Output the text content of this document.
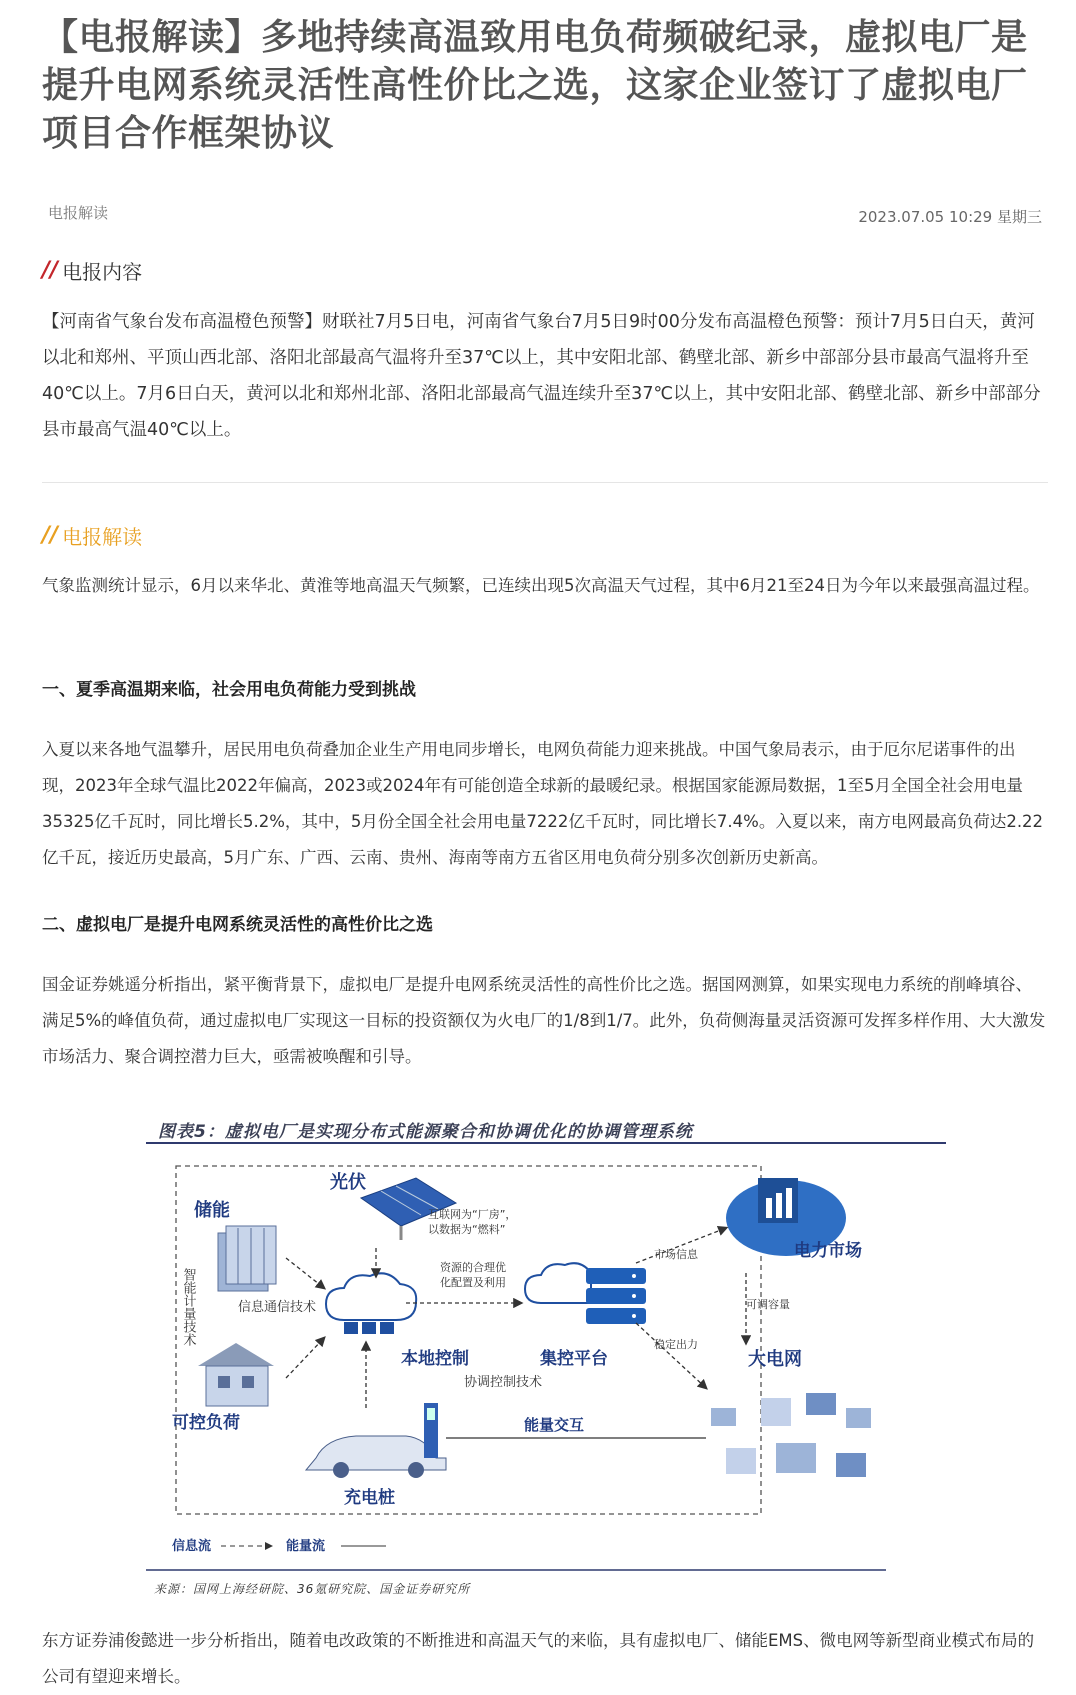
【电报解读】多地持续高温致用电负荷频破纪录，虚拟电厂是提升电网系统灵活性高性价比之选，这家企业签订了虚拟电厂项目合作框架协议
电报解读	2023.07.05 10:29 星期三
// 电报内容

【河南省气象台发布高温橙色预警】财联社7月5日电，河南省气象台7月5日9时00分发布高温橙色预警：预计7月5日白天，黄河以北和郑州、平顶山西北部、洛阳北部最高气温将升至37℃以上，其中安阳北部、鹤壁北部、新乡中部部分县市最高气温将升至40℃以上。7月6日白天，黄河以北和郑州北部、洛阳北部最高气温连续升至37℃以上，其中安阳北部、鹤壁北部、新乡中部部分县市最高气温40℃以上。

// 电报解读

气象监测统计显示，6月以来华北、黄淮等地高温天气频繁，已连续出现5次高温天气过程，其中6月21至24日为今年以来最强高温过程。

一、夏季高温期来临，社会用电负荷能力受到挑战

入夏以来各地气温攀升，居民用电负荷叠加企业生产用电同步增长，电网负荷能力迎来挑战。中国气象局表示，由于厄尔尼诺事件的出现，2023年全球气温比2022年偏高，2023或2024年有可能创造全球新的最暖纪录。根据国家能源局数据，1至5月全国全社会用电量35325亿千瓦时，同比增长5.2%，其中，5月份全国全社会用电量7222亿千瓦时，同比增长7.4%。入夏以来，南方电网最高负荷达2.22亿千瓦，接近历史最高，5月广东、广西、云南、贵州、海南等南方五省区用电负荷分别多次创新历史新高。

二、虚拟电厂是提升电网系统灵活性的高性价比之选

国金证券姚遥分析指出，紧平衡背景下，虚拟电厂是提升电网系统灵活性的高性价比之选。据国网测算，如果实现电力系统的削峰填谷、满足5%的峰值负荷，通过虚拟电厂实现这一目标的投资额仅为火电厂的1/8到1/7。此外，负荷侧海量灵活资源可发挥多样作用、大大激发市场活力、聚合调控潜力巨大，亟需被唤醒和引导。

图表5：虚拟电厂是实现分布式能源聚合和协调优化的协调管理系统
光伏
储能
智能计量技术	信息通信技术
互联网为“厂房”，
以数据为“燃料”
资源的合理优
化配置及利用
本地控制
协调控制技术
集控平台
市场信息
稳定出力
电力市场
可调容量
大电网
可控负荷
充电桩
能量交互
信息流	能量流
来源：国网上海经研院、36氪研究院、国金证券研究所

东方证券浦俊懿进一步分析指出，随着电改政策的不断推进和高温天气的来临，具有虚拟电厂、储能EMS、微电网等新型商业模式布局的公司有望迎来增长。
